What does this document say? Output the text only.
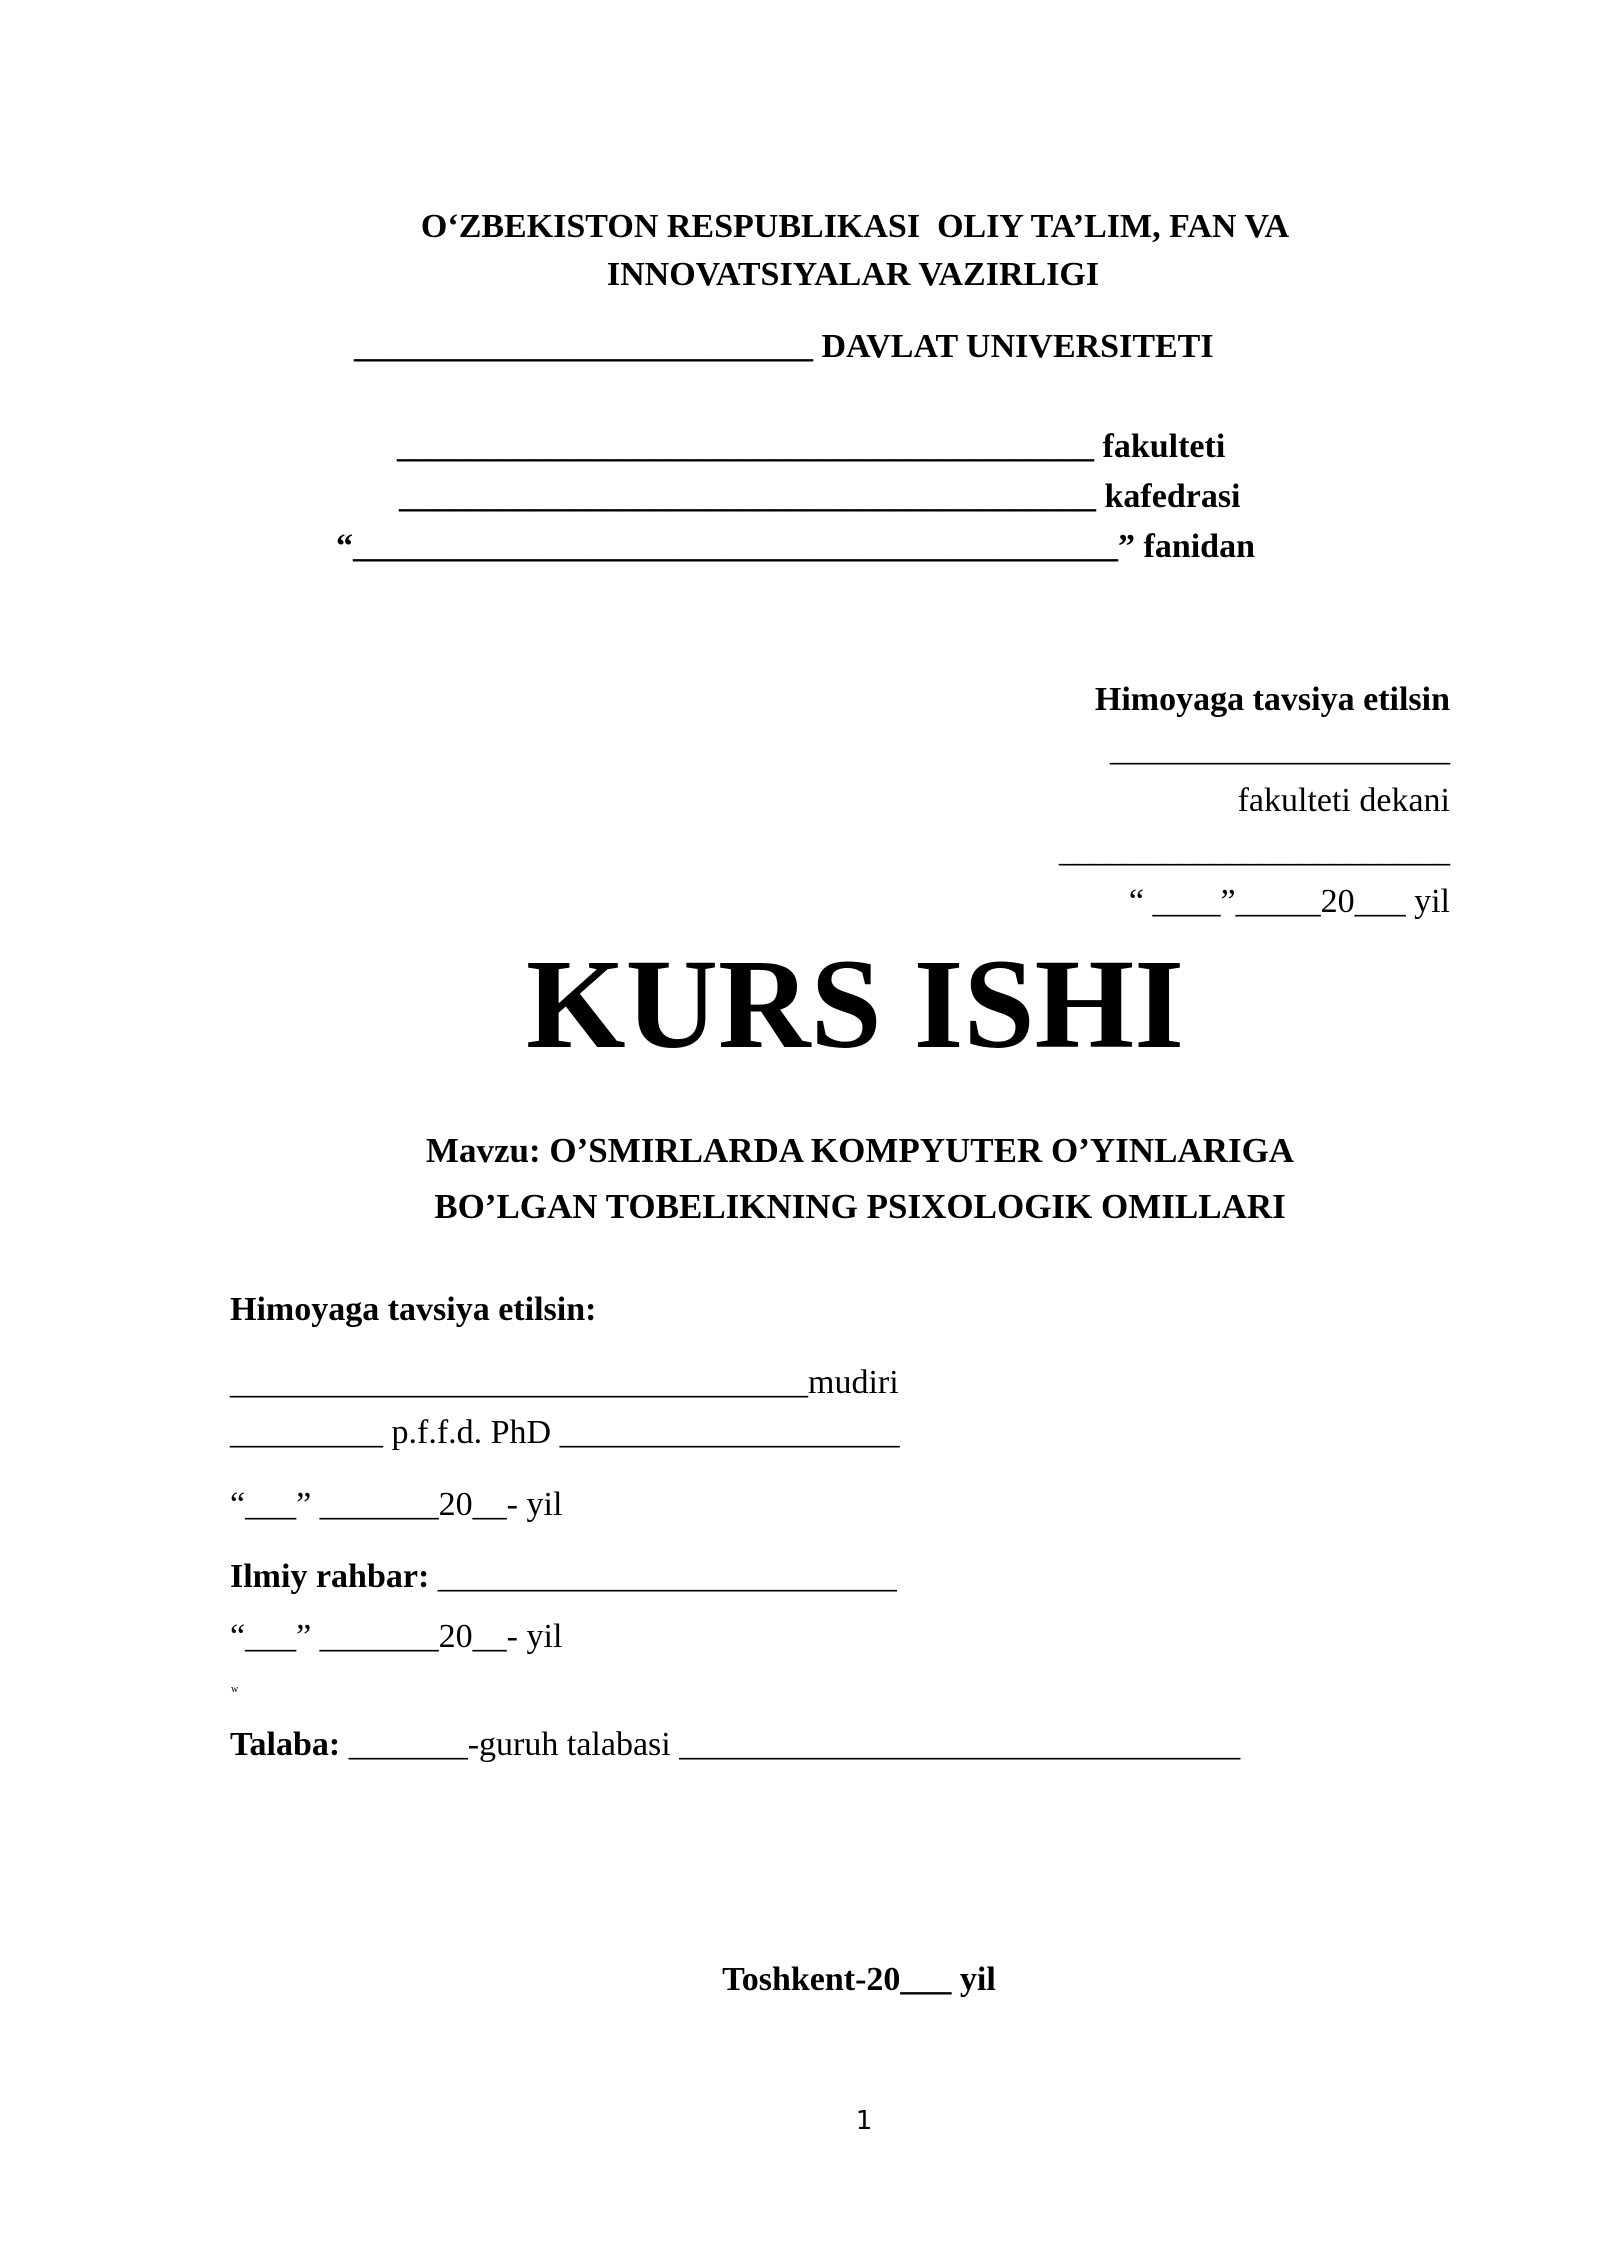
O‘ZBEKISTON RESPUBLIKASI  OLIY TA’LIM, FAN VA
INNOVATSIYALAR VAZIRLIGI
___________________________ DAVLAT UNIVERSITETI
_________________________________________ fakulteti
_________________________________________ kafedrasi
“_____________________________________________” fanidan
Himoyaga tavsiya etilsin
____________________
fakulteti dekani
_______________________
“ ____”_____20___ yil
KURS ISHI
Mavzu: O’SMIRLARDA KOMPYUTER O’YINLARIGA
BO’LGAN TOBELIKNING PSIXOLOGIK OMILLARI
Himoyaga tavsiya etilsin:
__________________________________mudiri
_________ p.f.f.d. PhD ____________________
“___” _______20__- yil
Ilmiy rahbar: ___________________________
“___” _______20__- yil
w
Talaba: _______-guruh talabasi _________________________________
Toshkent-20___ yil
1
